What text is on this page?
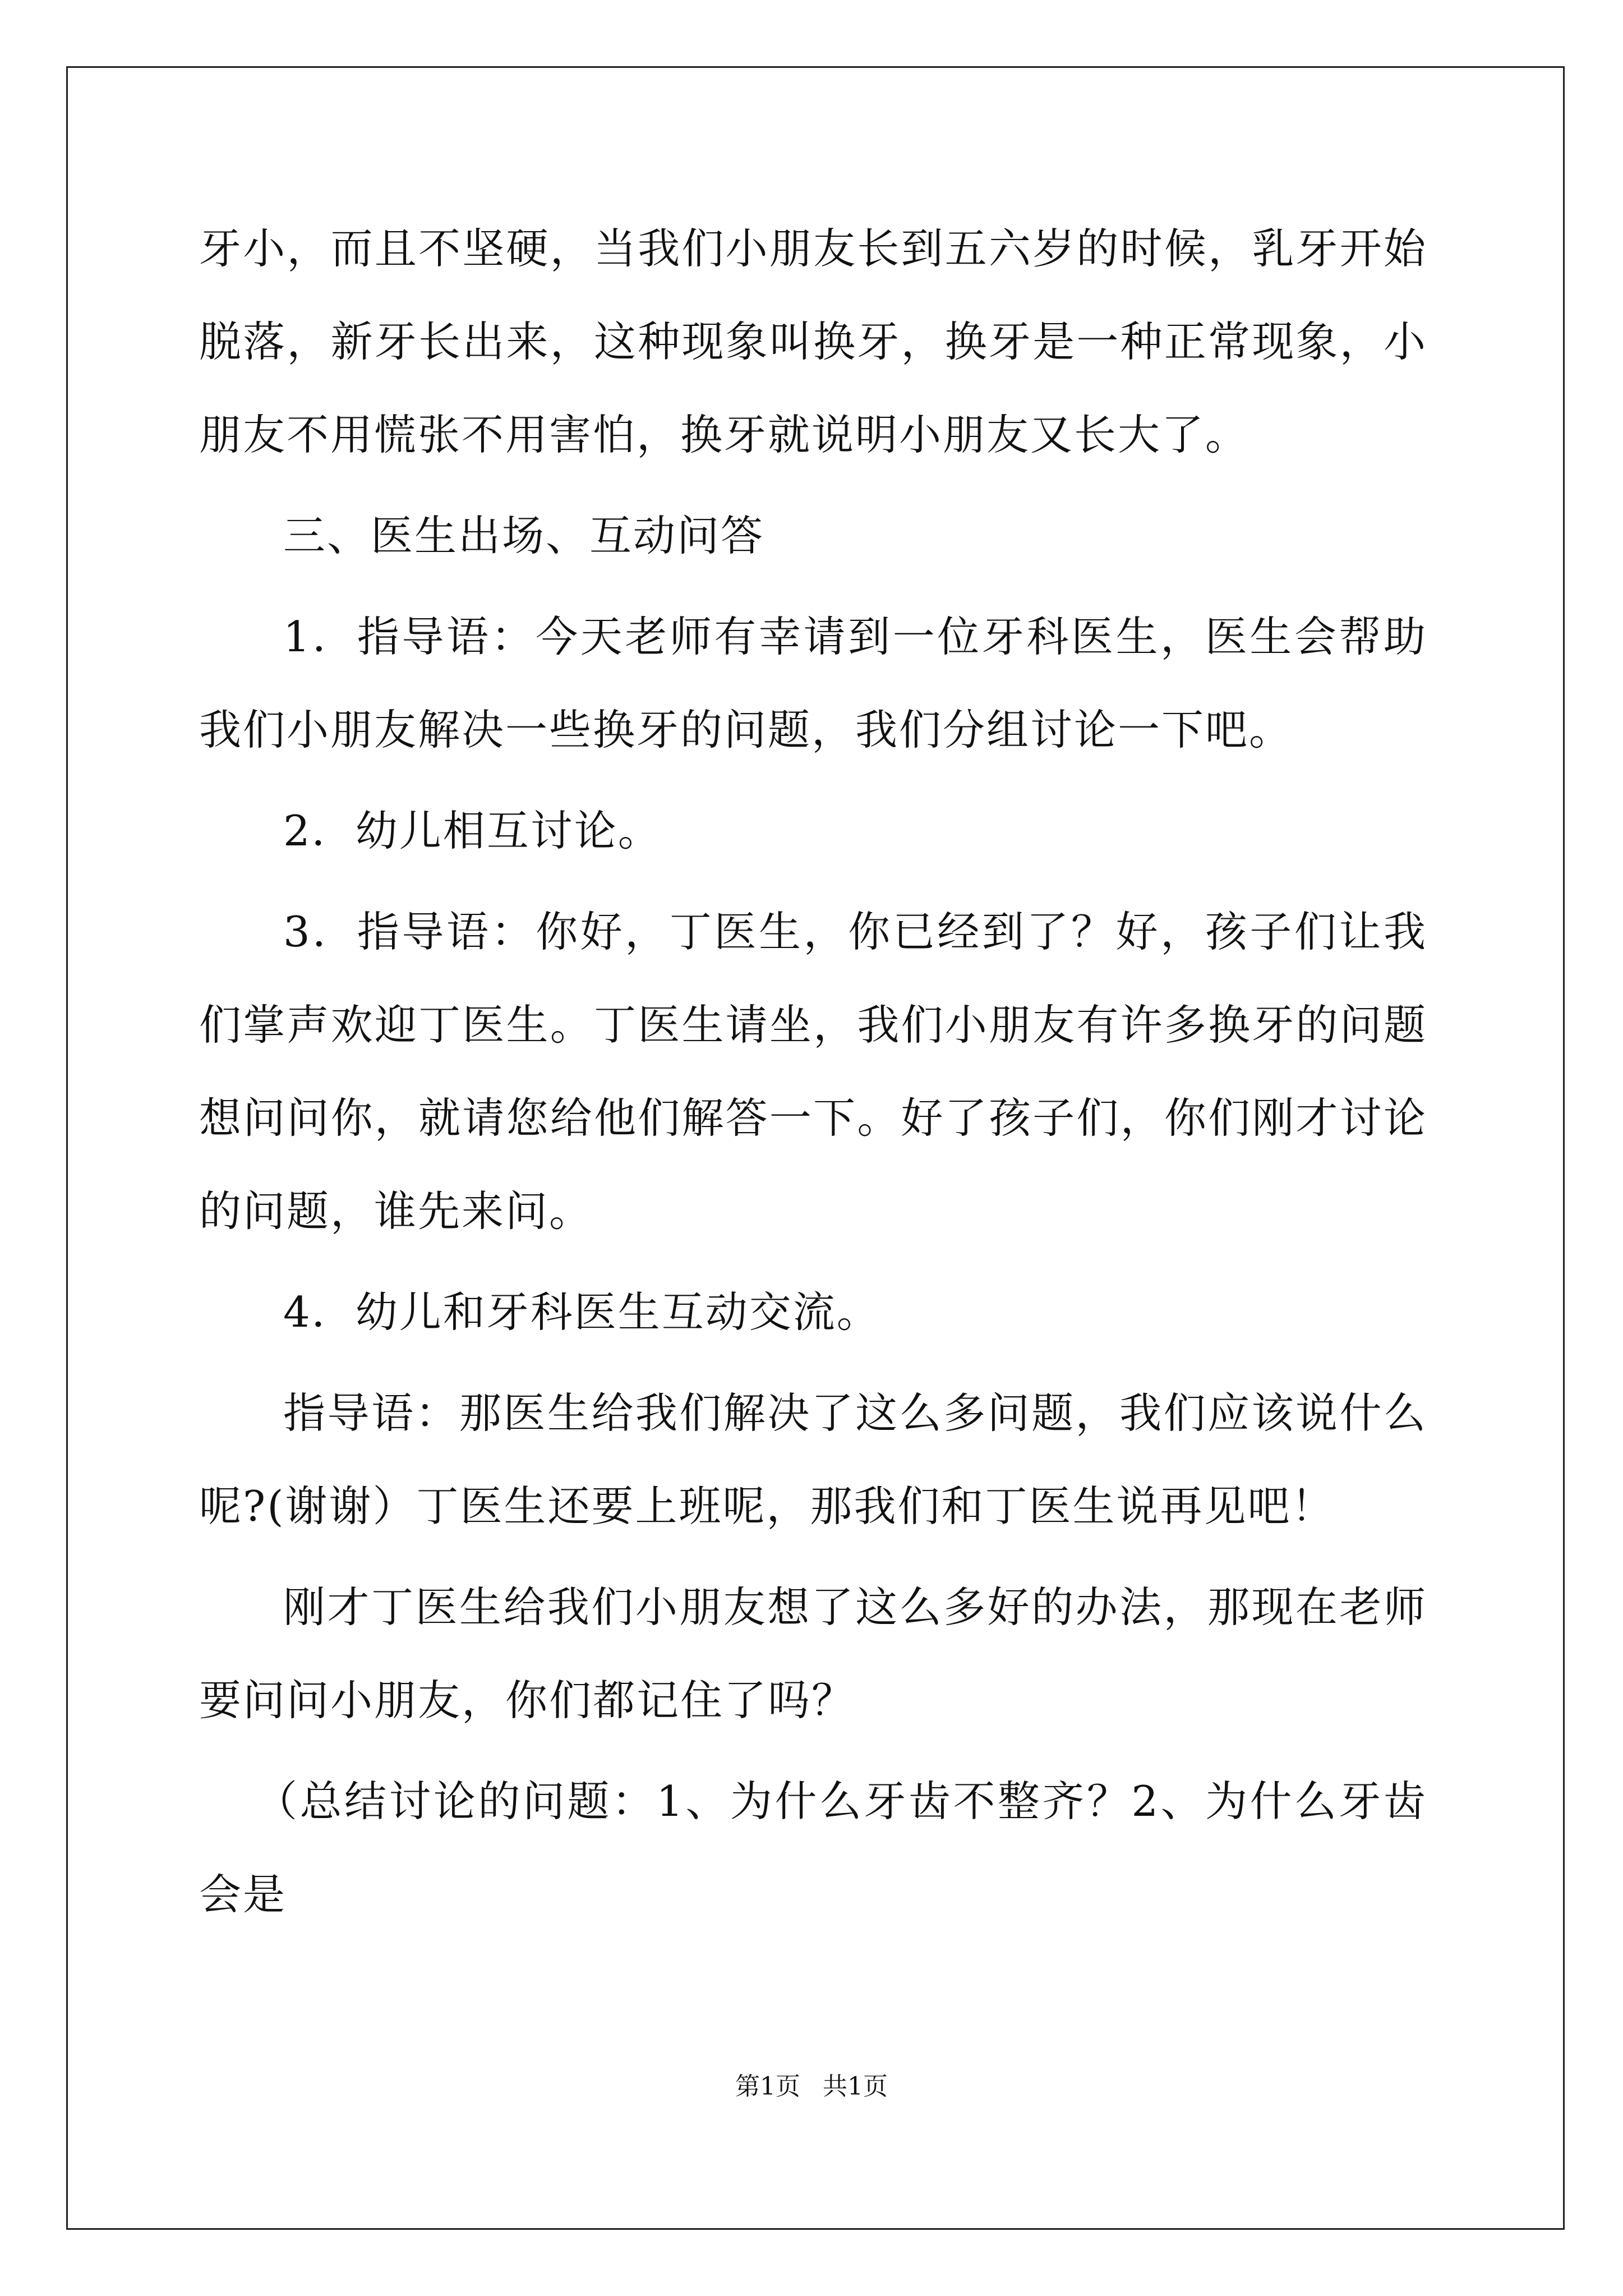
牙小，而且不坚硬，当我们小朋友长到五六岁的时候，乳牙开始脱落，新牙长出来，这种现象叫换牙，换牙是一种正常现象，小朋友不用慌张不用害怕，换牙就说明小朋友又长大了。

三、医生出场、互动问答

1．指导语：今天老师有幸请到一位牙科医生，医生会帮助我们小朋友解决一些换牙的问题，我们分组讨论一下吧。

2．幼儿相互讨论。

3．指导语：你好，丁医生，你已经到了？好，孩子们让我们掌声欢迎丁医生。丁医生请坐，我们小朋友有许多换牙的问题想问问你，就请您给他们解答一下。好了孩子们，你们刚才讨论的问题，谁先来问。

4．幼儿和牙科医生互动交流。

指导语：那医生给我们解决了这么多问题，我们应该说什么呢?(谢谢）丁医生还要上班呢，那我们和丁医生说再见吧！

刚才丁医生给我们小朋友想了这么多好的办法，那现在老师要问问小朋友，你们都记住了吗？

（总结讨论的问题：1、为什么牙齿不整齐？2、为什么牙齿会是

第1页 共1页
